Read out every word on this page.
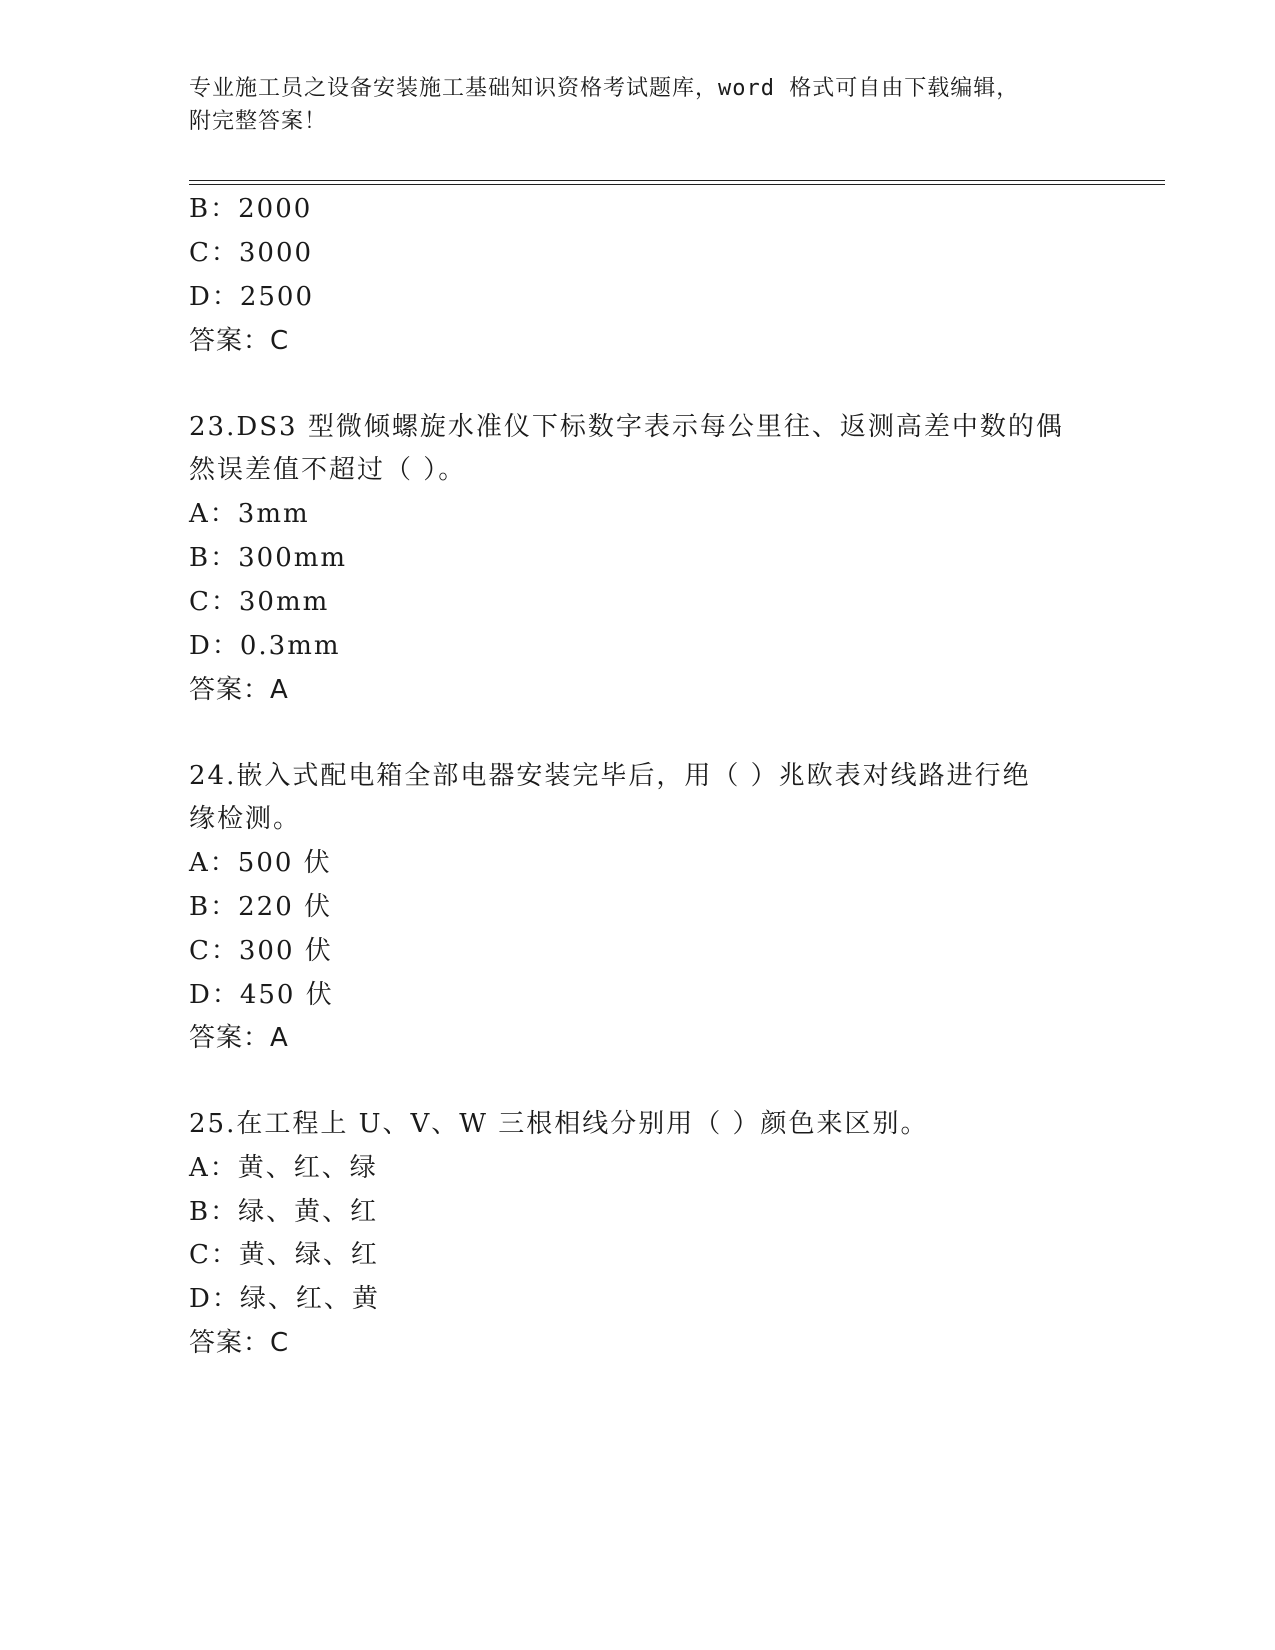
专业施工员之设备安装施工基础知识资格考试题库，word 格式可自由下载编辑，
附完整答案！
B：2000
C：3000
D：2500
答案：C
23.DS3 型微倾螺旋水准仪下标数字表示每公里往、返测高差中数的偶
然误差值不超过（ ）。
A：3mm
B：300mm
C：30mm
D：0.3mm
答案：A
24.嵌入式配电箱全部电器安装完毕后，用（ ）兆欧表对线路进行绝
缘检测。
A：500 伏
B：220 伏
C：300 伏
D：450 伏
答案：A
25.在工程上 U、V、W 三根相线分别用（ ）颜色来区别。
A：黄、红、绿
B：绿、黄、红
C：黄、绿、红
D：绿、红、黄
答案：C
